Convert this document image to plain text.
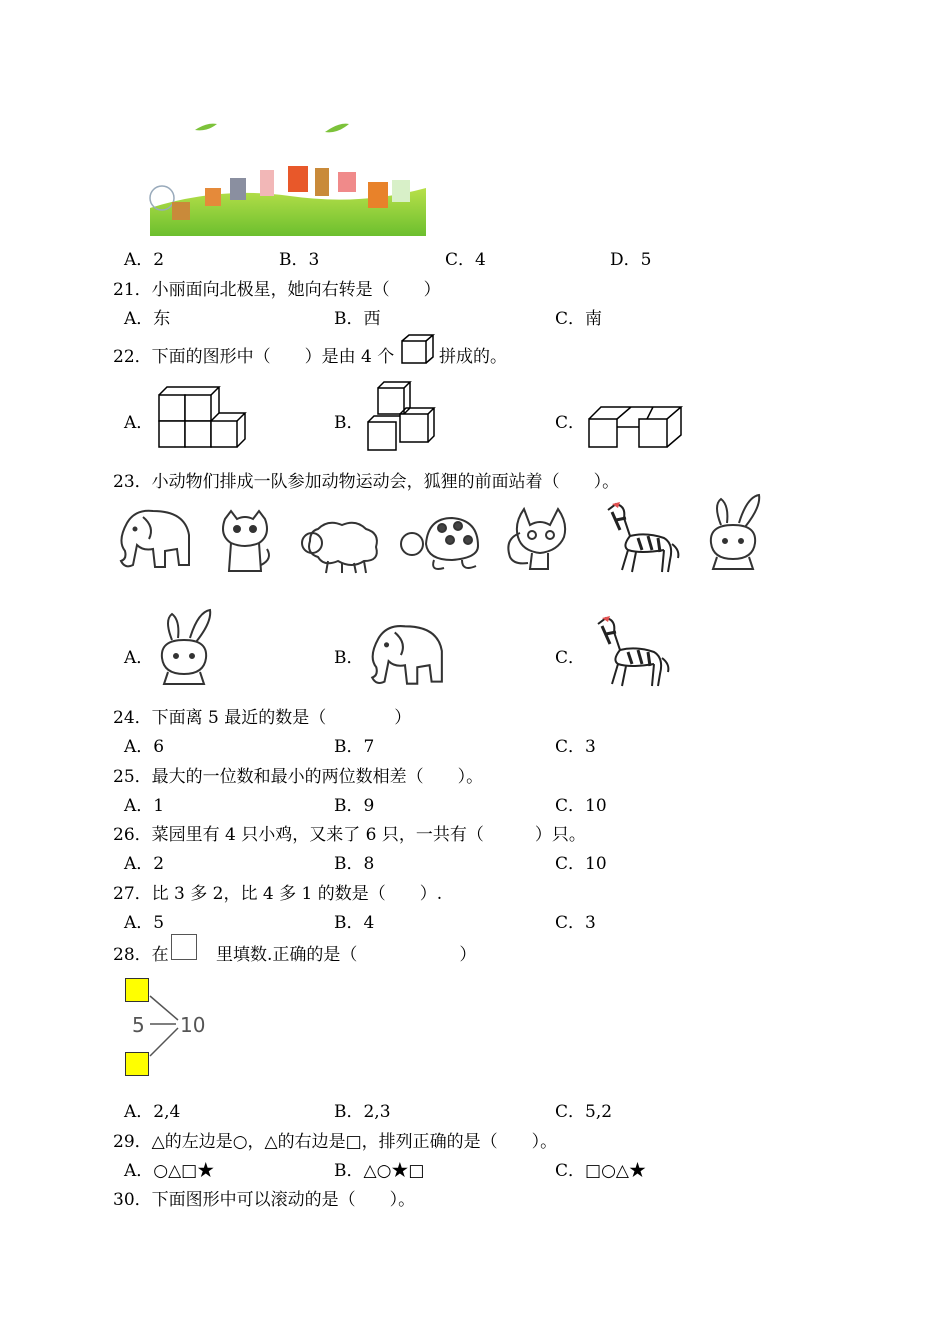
A．2	B．3	C．4	D．5
21．小丽面向北极星，她向右转是（　　）
A．东	B．西	C．南
22．下面的图形中（　　）是由 4 个	拼成的。
A．	B．	C．
23．小动物们排成一队参加动物运动会，狐狸的前面站着（　　）。
A．	B．	C．
24．下面离 5 最近的数是（　　　　）
A．6	B．7	C．3
25．最大的一位数和最小的两位数相差（　　）。
A．1	B．9	C．10
26．菜园里有 4 只小鸡，又来了 6 只，一共有（　　　）只。
A．2	B．8	C．10
27．比 3 多 2，比 4 多 1 的数是（　　）.
A．5	B．4	C．3
28．在	里填数.正确的是（　　　　　　）
5 10
A．2,4	B．2,3	C．5,2
29．△的左边是○，△的右边是□，排列正确的是（　　）。
A．○△□★	B．△○★□	C．□○△★
30．下面图形中可以滚动的是（　　）。
